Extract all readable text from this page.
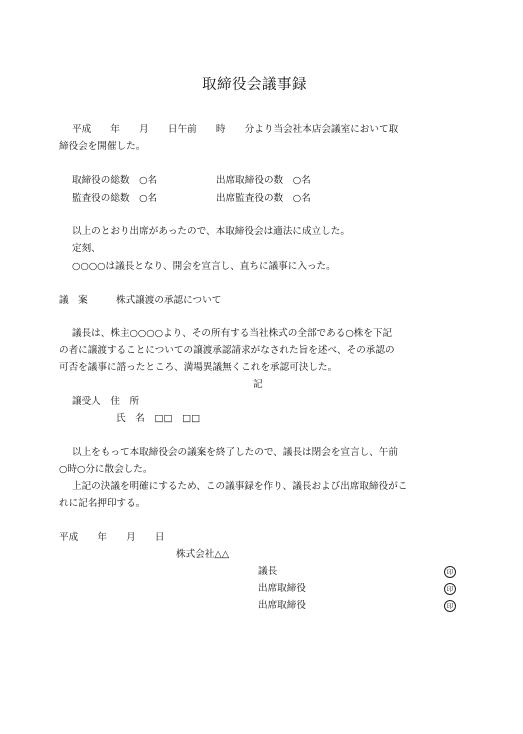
取締役会議事録
平成　　年　　月　　日午前　　時　　分より当会社本店会議室において取
締役会を開催した。
取締役の総数　○名	出席取締役の数　○名
監査役の総数　○名	出席監査役の数　○名
以上のとおり出席があったので、本取締役会は適法に成立した。
定刻、
○○○○は議長となり、開会を宣言し、直ちに議事に入った。
議　案	株式譲渡の承認について
議長は、株主○○○○より、その所有する当社株式の全部である○株を下記
の者に譲渡することについての譲渡承認請求がなされた旨を述べ、その承認の
可否を議事に諮ったところ、満場異議無くこれを承認可決した。
記
譲受人　住　所
氏　名　□□　□□
以上をもって本取締役会の議案を終了したので、議長は閉会を宣言し、午前
○時○分に散会した。
上記の決議を明確にするため、この議事録を作り、議長および出席取締役がこ
れに記名押印する。
平成　　年　　月　　日
株式会社△△
議長	印
出席取締役	印
出席取締役	印
